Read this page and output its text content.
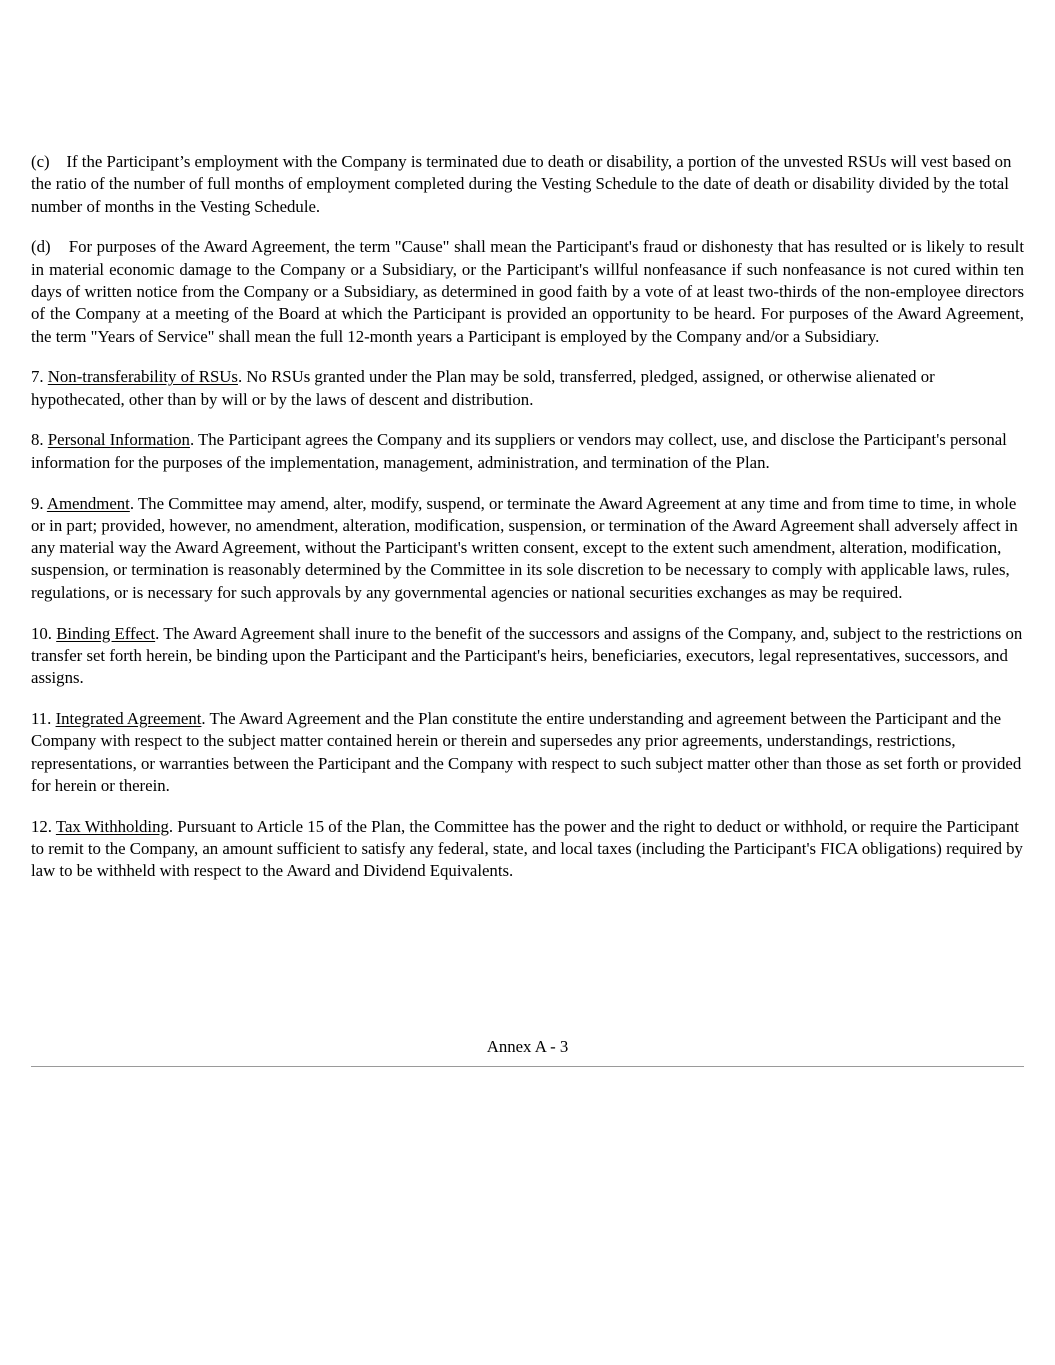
(c) If the Participant’s employment with the Company is terminated due to death or disability, a portion of the unvested RSUs will vest based on the ratio of the number of full months of employment completed during the Vesting Schedule to the date of death or disability divided by the total number of months in the Vesting Schedule.

(d) For purposes of the Award Agreement, the term "Cause" shall mean the Participant's fraud or dishonesty that has resulted or is likely to result in material economic damage to the Company or a Subsidiary, or the Participant's willful nonfeasance if such nonfeasance is not cured within ten days of written notice from the Company or a Subsidiary, as determined in good faith by a vote of at least two-thirds of the non-employee directors of the Company at a meeting of the Board at which the Participant is provided an opportunity to be heard. For purposes of the Award Agreement, the term "Years of Service" shall mean the full 12-month years a Participant is employed by the Company and/or a Subsidiary.

7. Non-transferability of RSUs. No RSUs granted under the Plan may be sold, transferred, pledged, assigned, or otherwise alienated or hypothecated, other than by will or by the laws of descent and distribution.

8. Personal Information. The Participant agrees the Company and its suppliers or vendors may collect, use, and disclose the Participant's personal information for the purposes of the implementation, management, administration, and termination of the Plan.

9. Amendment. The Committee may amend, alter, modify, suspend, or terminate the Award Agreement at any time and from time to time, in whole or in part; provided, however, no amendment, alteration, modification, suspension, or termination of the Award Agreement shall adversely affect in any material way the Award Agreement, without the Participant's written consent, except to the extent such amendment, alteration, modification, suspension, or termination is reasonably determined by the Committee in its sole discretion to be necessary to comply with applicable laws, rules, regulations, or is necessary for such approvals by any governmental agencies or national securities exchanges as may be required.

10. Binding Effect. The Award Agreement shall inure to the benefit of the successors and assigns of the Company, and, subject to the restrictions on transfer set forth herein, be binding upon the Participant and the Participant's heirs, beneficiaries, executors, legal representatives, successors, and assigns.

11. Integrated Agreement. The Award Agreement and the Plan constitute the entire understanding and agreement between the Participant and the Company with respect to the subject matter contained herein or therein and supersedes any prior agreements, understandings, restrictions, representations, or warranties between the Participant and the Company with respect to such subject matter other than those as set forth or provided for herein or therein.

12. Tax Withholding. Pursuant to Article 15 of the Plan, the Committee has the power and the right to deduct or withhold, or require the Participant to remit to the Company, an amount sufficient to satisfy any federal, state, and local taxes (including the Participant's FICA obligations) required by law to be withheld with respect to the Award and Dividend Equivalents.

Annex A - 3
